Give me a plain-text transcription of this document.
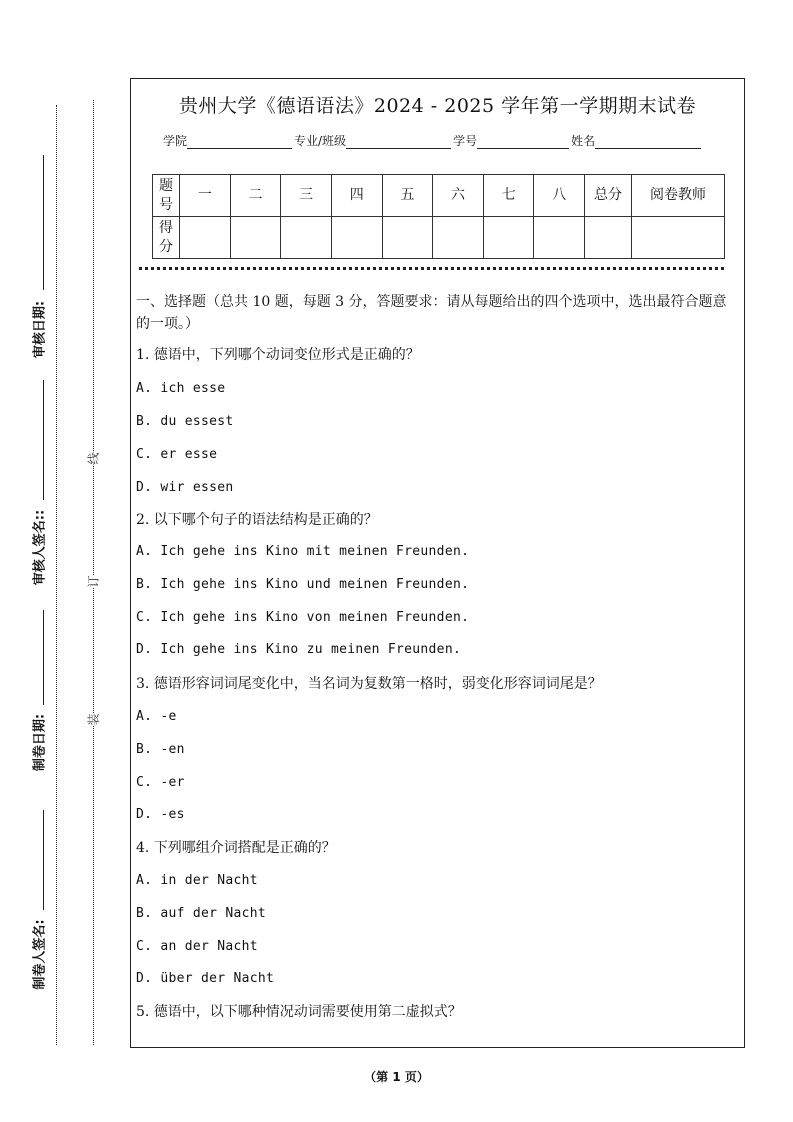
审核日期:
审核人签名::
制卷日期:
制卷人签名:
线
订
装
贵州大学《德语语法》2024 - 2025 学年第一学期期末试卷
学院	专业/班级	学号	姓名
题号	一	二	三	四	五	六	七	八	总分	阅卷教师
得分										
一、选择题（总共 10 题，每题 3 分，答题要求：请从每题给出的四个选项中，选出最符合题意的一项。）
1. 德语中，下列哪个动词变位形式是正确的？
A. ich esse
B. du essest
C. er esse
D. wir essen
2. 以下哪个句子的语法结构是正确的？
A. Ich gehe ins Kino mit meinen Freunden.
B. Ich gehe ins Kino und meinen Freunden.
C. Ich gehe ins Kino von meinen Freunden.
D. Ich gehe ins Kino zu meinen Freunden.
3. 德语形容词词尾变化中，当名词为复数第一格时，弱变化形容词词尾是？
A. -e
B. -en
C. -er
D. -es
4. 下列哪组介词搭配是正确的？
A. in der Nacht
B. auf der Nacht
C. an der Nacht
D. über der Nacht
5. 德语中，以下哪种情况动词需要使用第二虚拟式？
（第 1 页）
